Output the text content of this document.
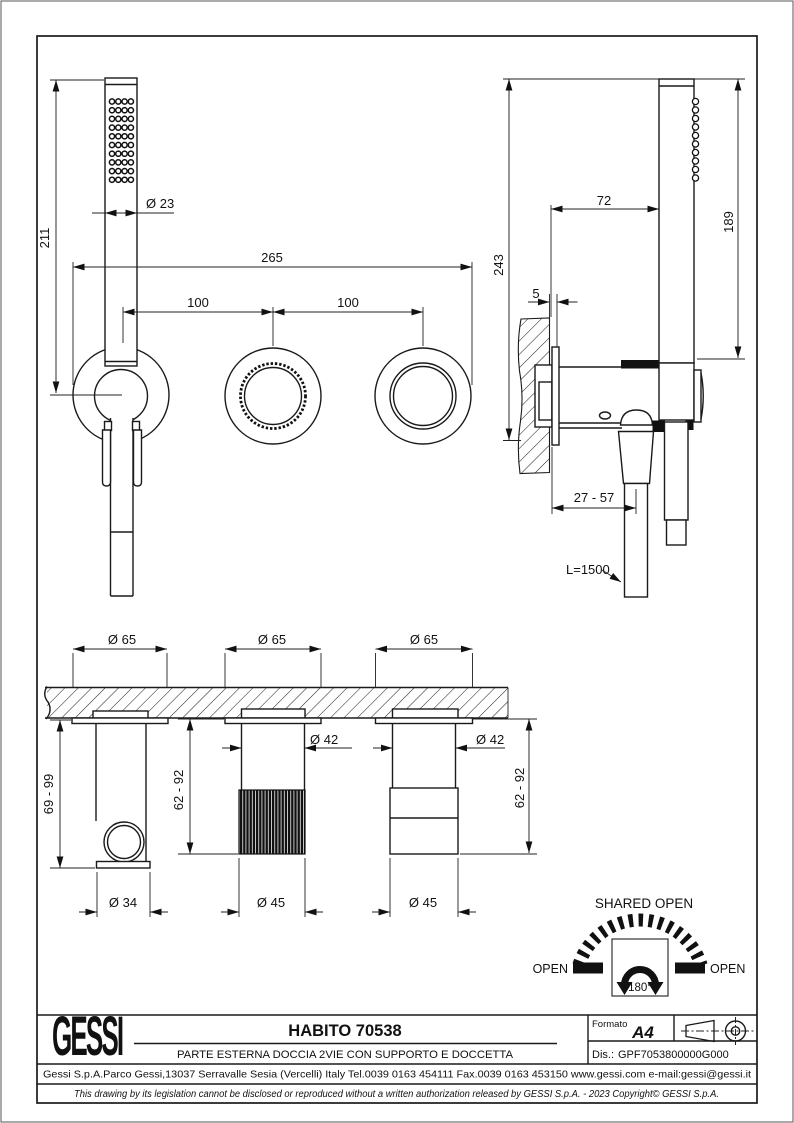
211
Ø 23
265
100	100
243
72
189
5
27 - 57
L=1500
Ø 65	Ø 65	Ø 65
69 - 99
Ø 34
62 - 92
Ø 42
Ø 45
62 - 92
Ø 42
Ø 45	SHARED OPEN
OPEN	OPEN
180°
GESSI	HABITO 70538
PARTE ESTERNA DOCCIA 2VIE CON SUPPORTO E DOCCETTA
Formato A4
Dis.: GPF7053800000G000
Gessi S.p.A.Parco Gessi,13037 Serravalle Sesia (Vercelli) Italy Tel.0039 0163 454111 Fax.0039 0163 453150 www.gessi.com e-mail:gessi@gessi.it
This drawing by its legislation cannot be disclosed or reproduced without a written authorization released by GESSI S.p.A. - 2023 Copyright© GESSI S.p.A.
